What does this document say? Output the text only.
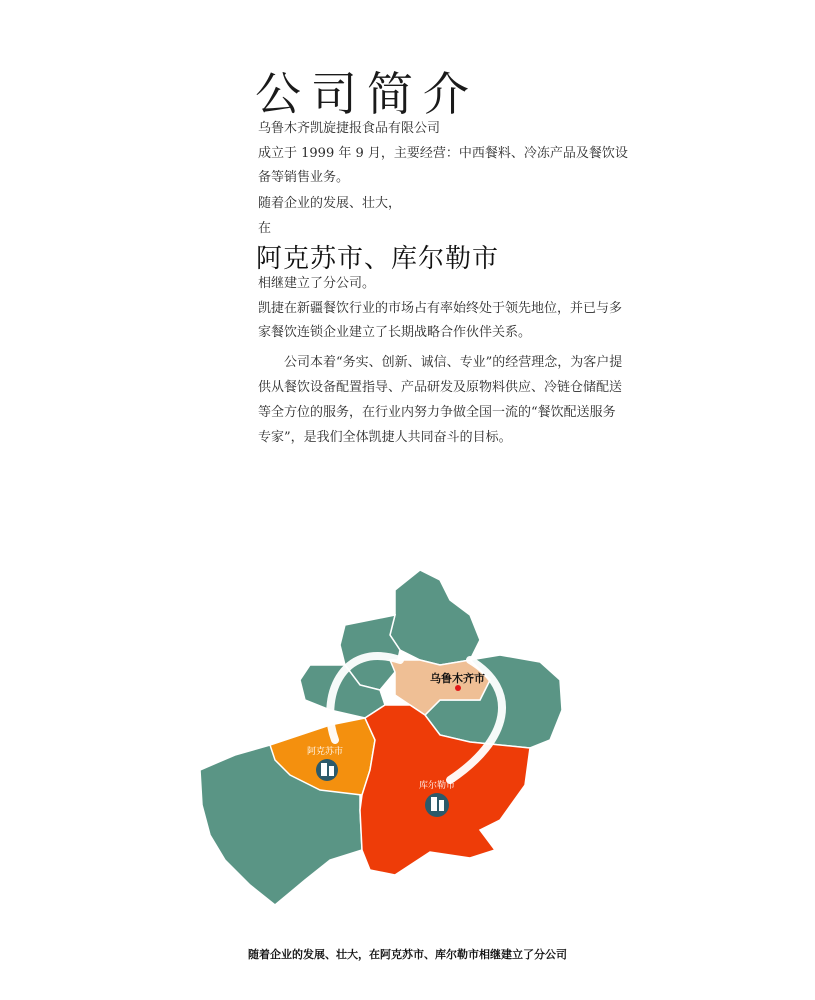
公司简介
乌鲁木齐凯旋捷报食品有限公司
成立于 1999 年 9 月，主要经营：中西餐料、冷冻产品及餐饮设备等销售业务。
随着企业的发展、壮大，
在
阿克苏市、库尔勒市
相继建立了分公司。
凯捷在新疆餐饮行业的市场占有率始终处于领先地位，并已与多家餐饮连锁企业建立了长期战略合作伙伴关系。
公司本着“务实、创新、诚信、专业”的经营理念，为客户提供从餐饮设备配置指导、产品研发及原物料供应、冷链仓储配送等全方位的服务，在行业内努力争做全国一流的“餐饮配送服务专家”，是我们全体凯捷人共同奋斗的目标。
乌鲁木齐市
阿克苏市
库尔勒市
随着企业的发展、壮大，在阿克苏市、库尔勒市相继建立了分公司
